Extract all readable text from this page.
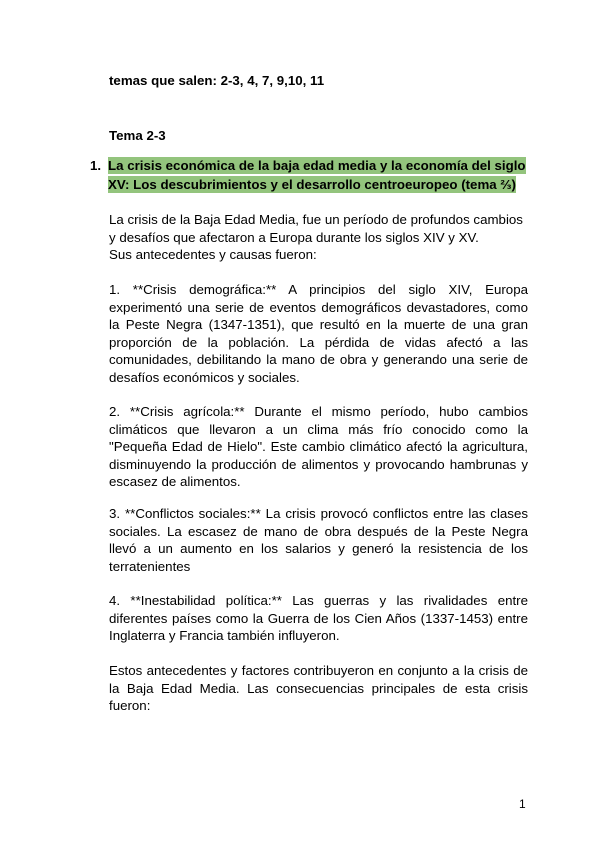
temas que salen: 2-3, 4, 7, 9,10, 11
Tema 2-3
1. La crisis económica de la baja edad media y la economía del siglo XV: Los descubrimientos y el desarrollo centroeuropeo (tema ⅔)
La crisis de la Baja Edad Media, fue un período de profundos cambios y desafíos que afectaron a Europa durante los siglos XIV y XV.
Sus antecedentes y causas fueron:
1. **Crisis demográfica:** A principios del siglo XIV, Europa experimentó una serie de eventos demográficos devastadores, como la Peste Negra (1347-1351), que resultó en la muerte de una gran proporción de la población. La pérdida de vidas afectó a las comunidades, debilitando la mano de obra y generando una serie de desafíos económicos y sociales.
2. **Crisis agrícola:** Durante el mismo período, hubo cambios climáticos que llevaron a un clima más frío conocido como la "Pequeña Edad de Hielo". Este cambio climático afectó la agricultura, disminuyendo la producción de alimentos y provocando hambrunas y escasez de alimentos.
3. **Conflictos sociales:** La crisis provocó conflictos entre las clases sociales. La escasez de mano de obra después de la Peste Negra llevó a un aumento en los salarios y generó la resistencia de los terratenientes
4. **Inestabilidad política:** Las guerras y las rivalidades entre diferentes países como la Guerra de los Cien Años (1337-1453) entre Inglaterra y Francia también influyeron.
Estos antecedentes y factores contribuyeron en conjunto a la crisis de la Baja Edad Media. Las consecuencias principales de esta crisis fueron:
1
